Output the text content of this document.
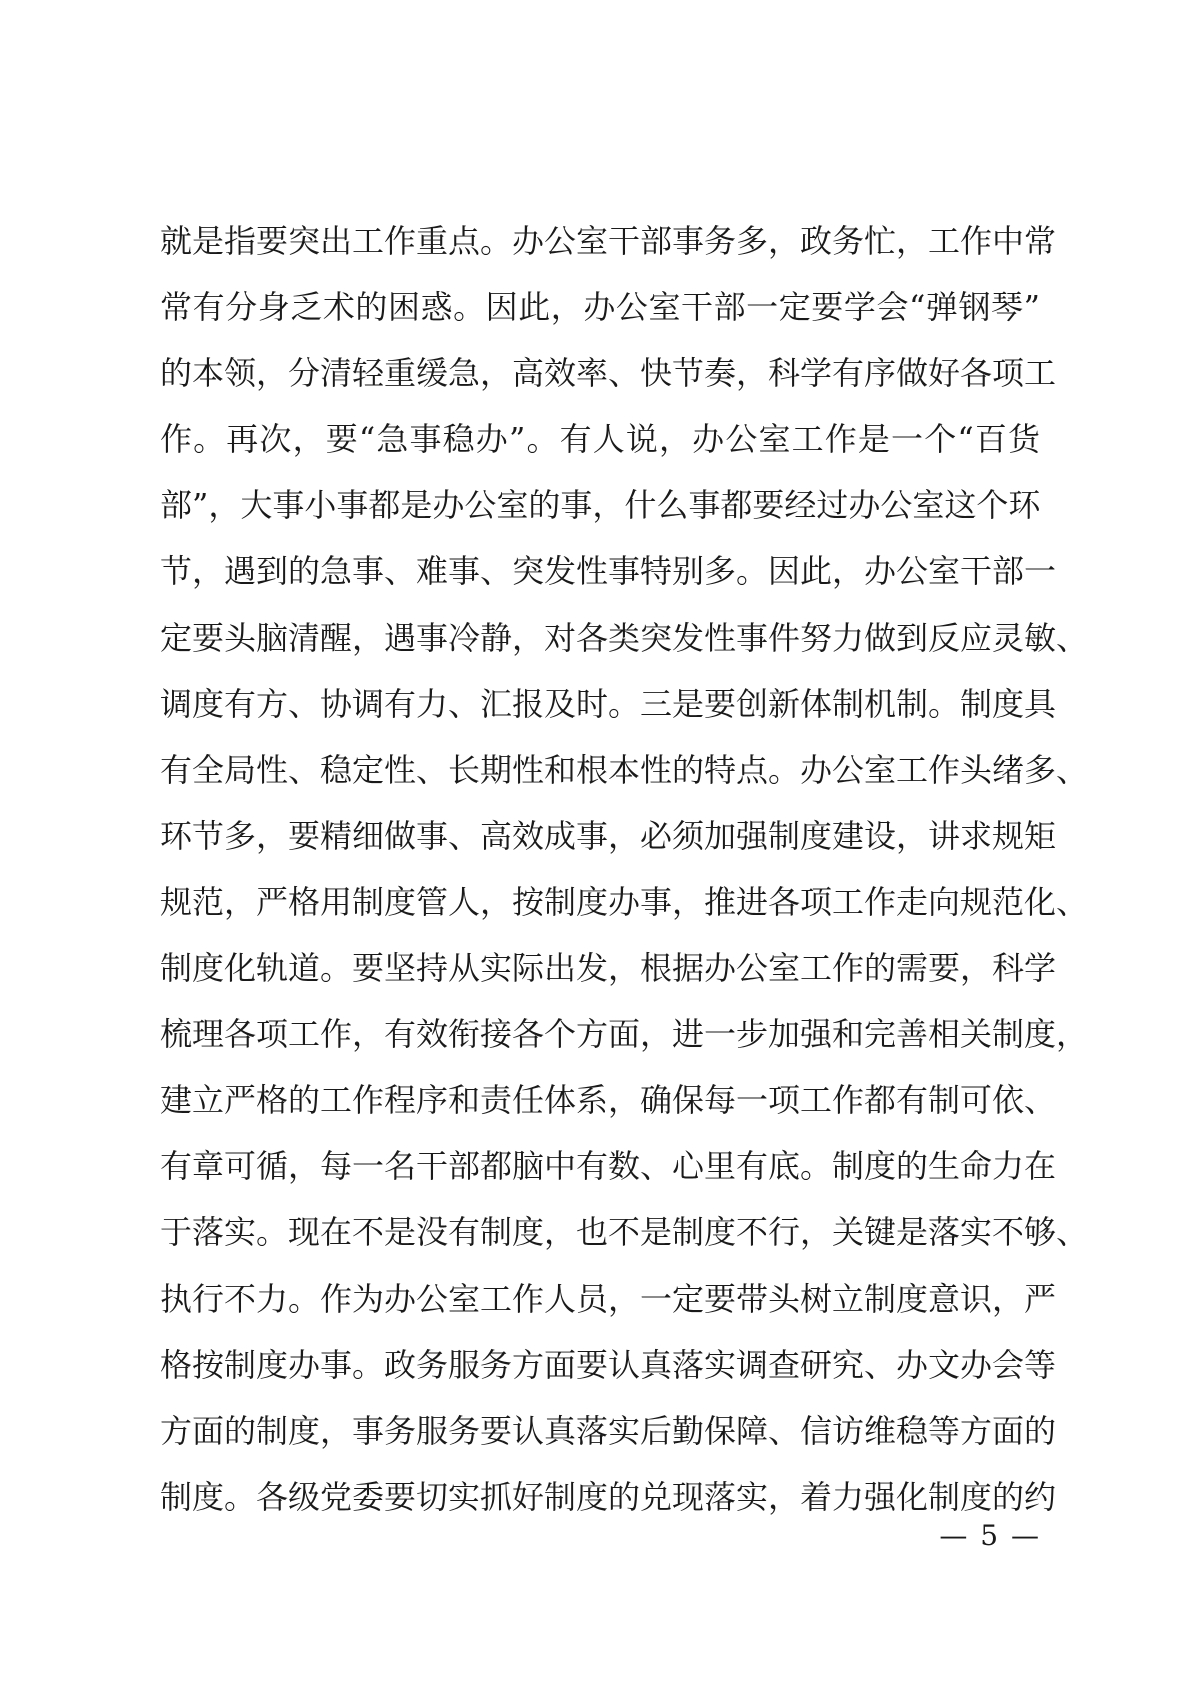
就是指要突出工作重点。办公室干部事务多，政务忙，工作中常
常有分身乏术的困惑。因此，办公室干部一定要学会“弹钢琴”
的本领，分清轻重缓急，高效率、快节奏，科学有序做好各项工
作。再次，要“急事稳办”。有人说，办公室工作是一个“百货
部”，大事小事都是办公室的事，什么事都要经过办公室这个环
节，遇到的急事、难事、突发性事特别多。因此，办公室干部一
定要头脑清醒，遇事冷静，对各类突发性事件努力做到反应灵敏、
调度有方、协调有力、汇报及时。三是要创新体制机制。制度具
有全局性、稳定性、长期性和根本性的特点。办公室工作头绪多、
环节多，要精细做事、高效成事，必须加强制度建设，讲求规矩
规范，严格用制度管人，按制度办事，推进各项工作走向规范化、
制度化轨道。要坚持从实际出发，根据办公室工作的需要，科学
梳理各项工作，有效衔接各个方面，进一步加强和完善相关制度，
建立严格的工作程序和责任体系，确保每一项工作都有制可依、
有章可循，每一名干部都脑中有数、心里有底。制度的生命力在
于落实。现在不是没有制度，也不是制度不行，关键是落实不够、
执行不力。作为办公室工作人员，一定要带头树立制度意识，严
格按制度办事。政务服务方面要认真落实调查研究、办文办会等
方面的制度，事务服务要认真落实后勤保障、信访维稳等方面的
制度。各级党委要切实抓好制度的兑现落实，着力强化制度的约
— 5 —
